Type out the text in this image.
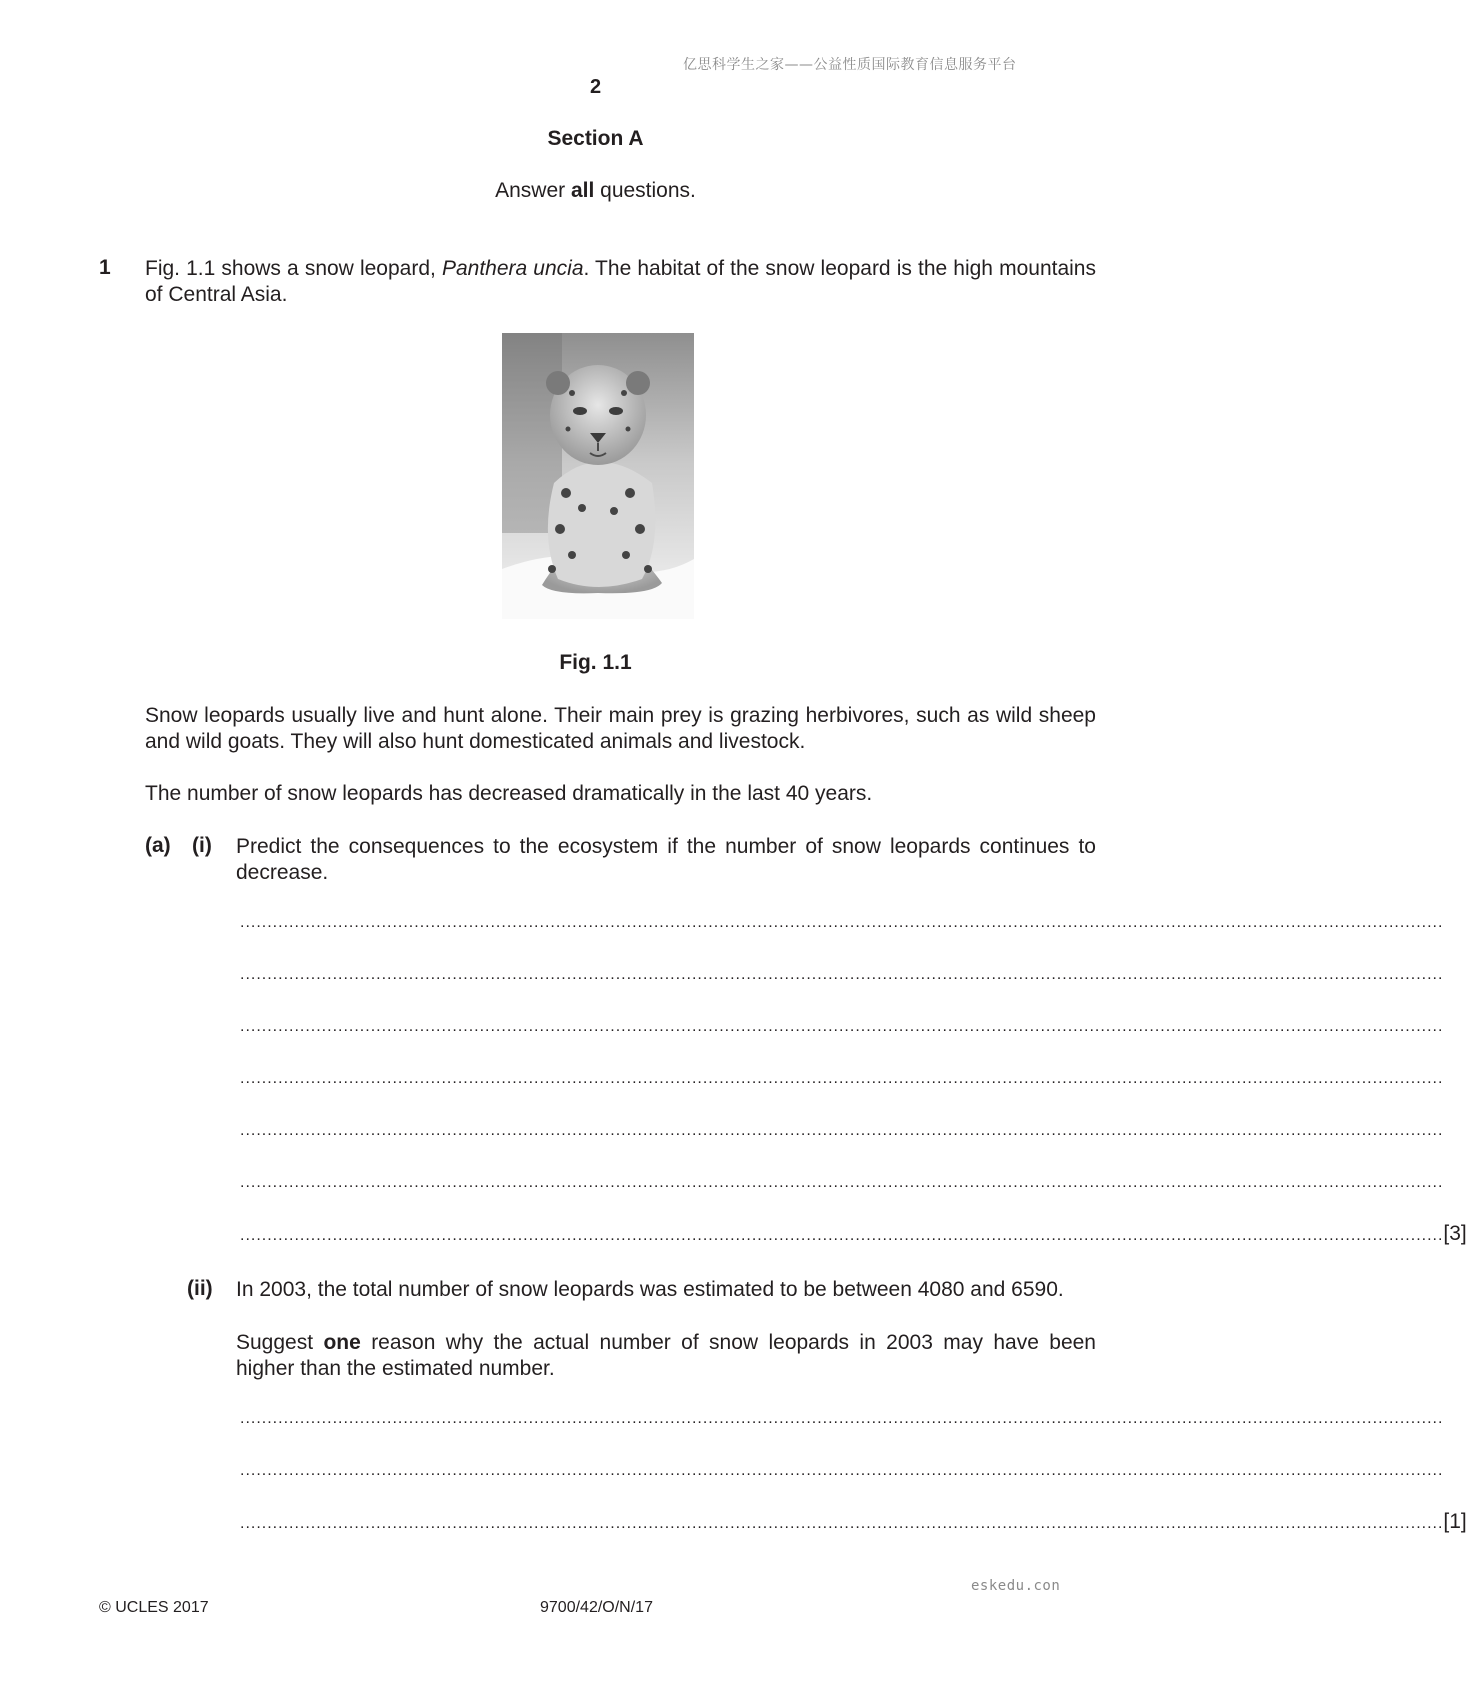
亿思科学生之家——公益性质国际教育信息服务平台
2
Section A
Answer all questions.
1 Fig. 1.1 shows a snow leopard, Panthera uncia. The habitat of the snow leopard is the high mountains of Central Asia.
Fig. 1.1
Snow leopards usually live and hunt alone. Their main prey is grazing herbivores, such as wild sheep and wild goats. They will also hunt domesticated animals and livestock.
The number of snow leopards has decreased dramatically in the last 40 years.
(a) (i) Predict the consequences to the ecosystem if the number of snow leopards continues to decrease.
.............................................................................................................................................................................................................................
.............................................................................................................................................................................................................................
.............................................................................................................................................................................................................................
.............................................................................................................................................................................................................................
.............................................................................................................................................................................................................................
.............................................................................................................................................................................................................................
............................................................................................................................................................................................................................. [3]
(ii) In 2003, the total number of snow leopards was estimated to be between 4080 and 6590.
Suggest one reason why the actual number of snow leopards in 2003 may have been higher than the estimated number.
.............................................................................................................................................................................................................................
.............................................................................................................................................................................................................................
............................................................................................................................................................................................................................. [1]
eskedu.con
© UCLES 2017	9700/42/O/N/17
